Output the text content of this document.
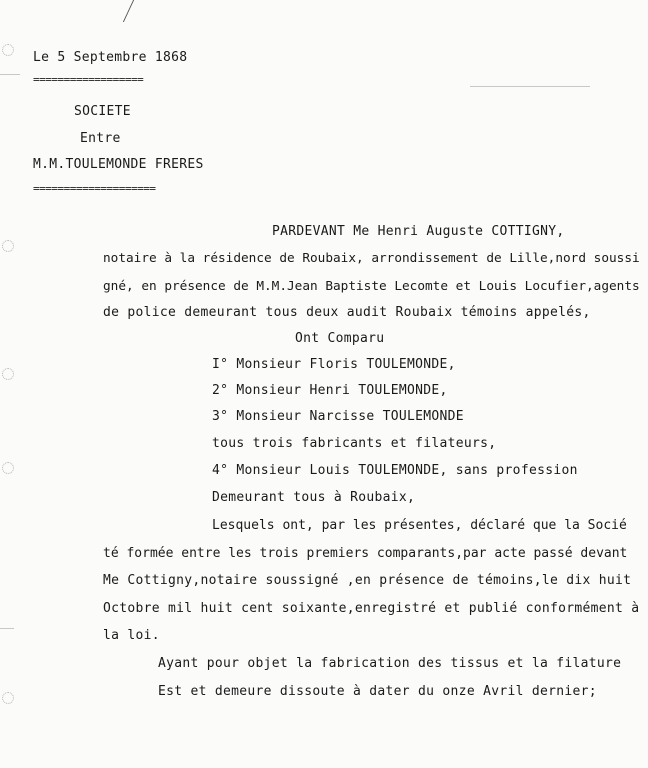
Le 5 Septembre 1868
==================
SOCIETE
Entre
M.M.TOULEMONDE FRERES
====================
PARDEVANT Me Henri Auguste COTTIGNY,
notaire à la résidence de Roubaix, arrondissement de Lille,nord soussi
gné, en présence de M.M.Jean Baptiste Lecomte et Louis Locufier,agents
de police demeurant tous deux audit Roubaix témoins appelés,
Ont Comparu
I° Monsieur Floris TOULEMONDE,
2° Monsieur Henri TOULEMONDE,
3° Monsieur Narcisse TOULEMONDE
tous trois fabricants et filateurs,
4° Monsieur Louis TOULEMONDE, sans profession
Demeurant tous à Roubaix,
Lesquels ont, par les présentes, déclaré que la Socié
té formée entre les trois premiers comparants,par acte passé devant
Me Cottigny,notaire soussigné ,en présence de témoins,le dix huit
Octobre mil huit cent soixante,enregistré et publié conformément à
la loi.
Ayant pour objet la fabrication des tissus et la filature
Est et demeure dissoute à dater du onze Avril dernier;
